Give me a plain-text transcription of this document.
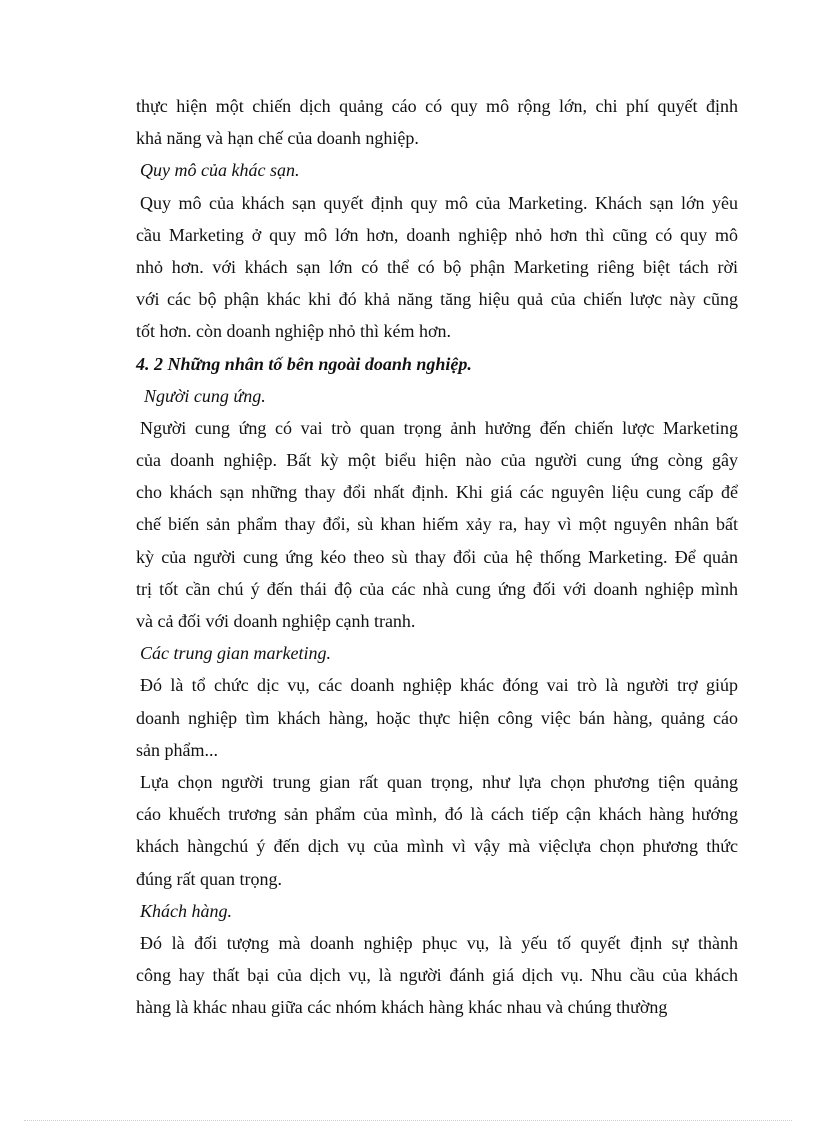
thực hiện một chiến dịch quảng cáo có quy mô rộng lớn, chi phí quyết định
khả năng và hạn chế của doanh nghiệp.
Quy mô của khác sạn.
Quy mô của khách sạn quyết định quy mô của Marketing. Khách sạn lớn yêu
cầu Marketing ở quy mô lớn hơn, doanh nghiệp nhỏ hơn thì cũng có quy mô
nhỏ hơn. với khách sạn lớn có thể có bộ phận Marketing riêng biệt tách rời
với các bộ phận khác khi đó khả năng tăng hiệu quả của chiến lược này cũng
tốt hơn. còn doanh nghiệp nhỏ thì kém hơn.
4. 2 Những nhân tố bên ngoài doanh nghiệp.
Người cung ứng.
Người cung ứng có vai trò quan trọng ảnh hưởng đến chiến lược Marketing
của doanh nghiệp. Bất kỳ một biểu hiện nào của người cung ứng còng gây
cho khách sạn những thay đổi nhất định. Khi giá các nguyên liệu cung cấp để
chế biến sản phẩm thay đổi, sù khan hiếm xảy ra, hay vì một nguyên nhân bất
kỳ của người cung ứng kéo theo sù thay đổi của hệ thống Marketing. Để quản
trị tốt cần chú ý đến thái độ của các nhà cung ứng đối với doanh nghiệp mình
và cả đối với doanh nghiệp cạnh tranh.
Các trung gian marketing.
Đó là tổ chức dịc vụ, các doanh nghiệp khác đóng vai trò là người trợ giúp
doanh nghiệp tìm khách hàng, hoặc thực hiện công việc bán hàng, quảng cáo
sản phẩm...
Lựa chọn người trung gian rất quan trọng, như lựa chọn phương tiện quảng
cáo khuếch trương sản phẩm của mình, đó là cách tiếp cận khách hàng hướng
khách hàngchú ý đến dịch vụ của mình vì vậy mà việclựa chọn phương thức
đúng rất quan trọng.
Khách hàng.
Đó là đối tượng mà doanh nghiệp phục vụ, là yếu tố quyết định sự thành
công hay thất bại của dịch vụ, là người đánh giá dịch vụ. Nhu cầu của khách
hàng là khác nhau giữa các nhóm khách hàng khác nhau và chúng thường
